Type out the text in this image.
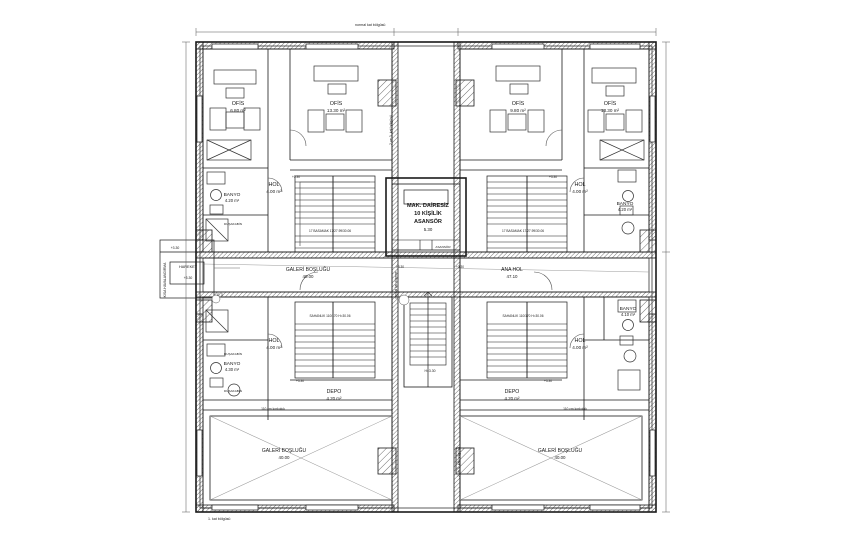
OFİS
6.80 m²
OFİS
13.30 m²
OFİS
9.80 m²
OFİS
13.30 m²
HOL
4.00 m²
HOL
4.00 m²
BANYO
4.20 m²
BANYO
4.20 m²
HOL
4.00 m²
HOL
4.00 m²
BANYO
4.30 m²
BANYO
4.10 m²
DEPO
4.20 m²
DEPO
4.20 m²
GALERİ BOŞLUĞU
40.00
GALERİ BOŞLUĞU
40.00
GALERİ BOŞLUĞU
40.00
ANA HOL
47.10
MAK. DAİRESİZ
10 KİŞİLİK
ASANSÖR
5.30
17 BASAMAK 17/27.99/30.06	17 BASAMAK 17/27.99/30.06
SAHANLIK 110/170 H=30.06	SAHANLIK 110/170 H=30.06
H=3.30
+3.30
HAREKET
+3.30
E 3
110 cm korkuluk	110 cm korkuluk
DUŞAKABİN
DUŞAKABİN
DUŞAKABİN
+3.30	+3.30
+3.30	+3.30
+3.30	+3.30
ASANSÖR
normal kat bölgüsü
1. kat bölgüsü
2 ve 3. kat bölgüsü
2 ve 3. kat bölgüsü
KISA HAVALANDIRMA	normal kat döşeme
